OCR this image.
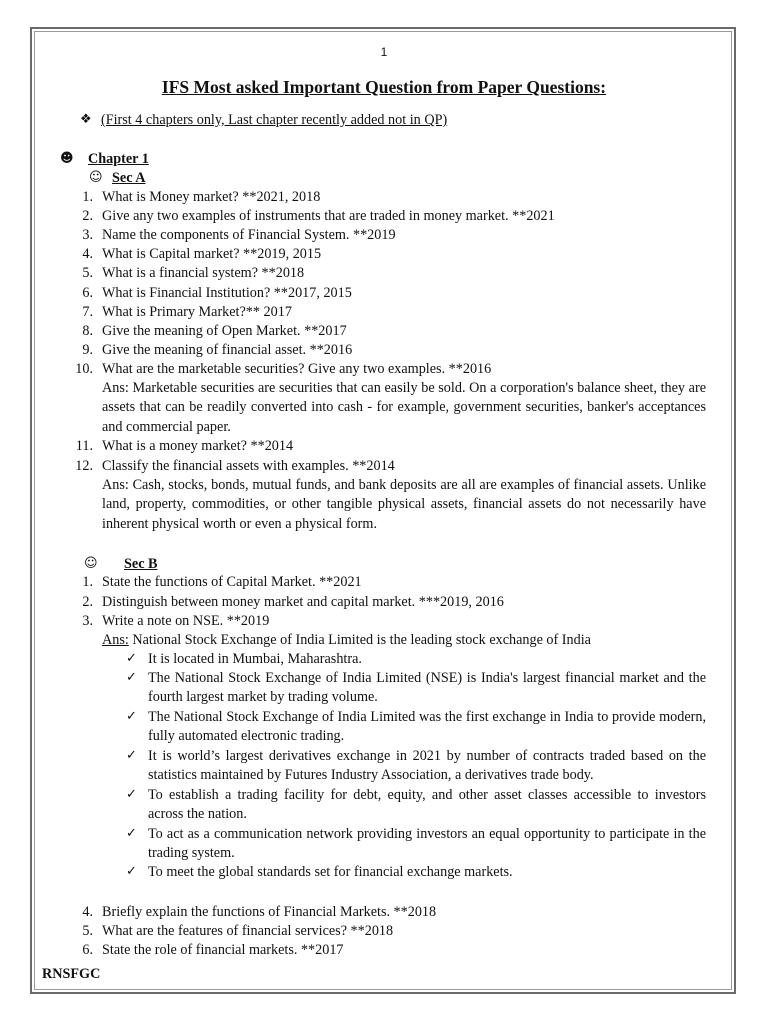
1
IFS Most asked Important Question from Paper Questions:
❖ (First 4 chapters only, Last chapter recently added not in QP)
☻ Chapter 1
☺ Sec A
1. What is Money market? **2021, 2018
2. Give any two examples of instruments that are traded in money market. **2021
3. Name the components of Financial System. **2019
4. What is Capital market? **2019, 2015
5. What is a financial system? **2018
6. What is Financial Institution? **2017, 2015
7. What is Primary Market?** 2017
8. Give the meaning of Open Market. **2017
9. Give the meaning of financial asset. **2016
10. What are the marketable securities? Give any two examples. **2016
Ans: Marketable securities are securities that can easily be sold. On a corporation's balance sheet, they are assets that can be readily converted into cash - for example, government securities, banker's acceptances and commercial paper.
11. What is a money market? **2014
12. Classify the financial assets with examples. **2014
Ans: Cash, stocks, bonds, mutual funds, and bank deposits are all are examples of financial assets. Unlike land, property, commodities, or other tangible physical assets, financial assets do not necessarily have inherent physical worth or even a physical form.
☺ Sec B
1. State the functions of Capital Market. **2021
2. Distinguish between money market and capital market. ***2019, 2016
3. Write a note on NSE. **2019
Ans: National Stock Exchange of India Limited is the leading stock exchange of India
✓ It is located in Mumbai, Maharashtra.
✓ The National Stock Exchange of India Limited (NSE) is India's largest financial market and the fourth largest market by trading volume.
✓ The National Stock Exchange of India Limited was the first exchange in India to provide modern, fully automated electronic trading.
✓ It is world’s largest derivatives exchange in 2021 by number of contracts traded based on the statistics maintained by Futures Industry Association, a derivatives trade body.
✓ To establish a trading facility for debt, equity, and other asset classes accessible to investors across the nation.
✓ To act as a communication network providing investors an equal opportunity to participate in the trading system.
✓ To meet the global standards set for financial exchange markets.
4. Briefly explain the functions of Financial Markets. **2018
5. What are the features of financial services? **2018
6. State the role of financial markets. **2017
RNSFGC
